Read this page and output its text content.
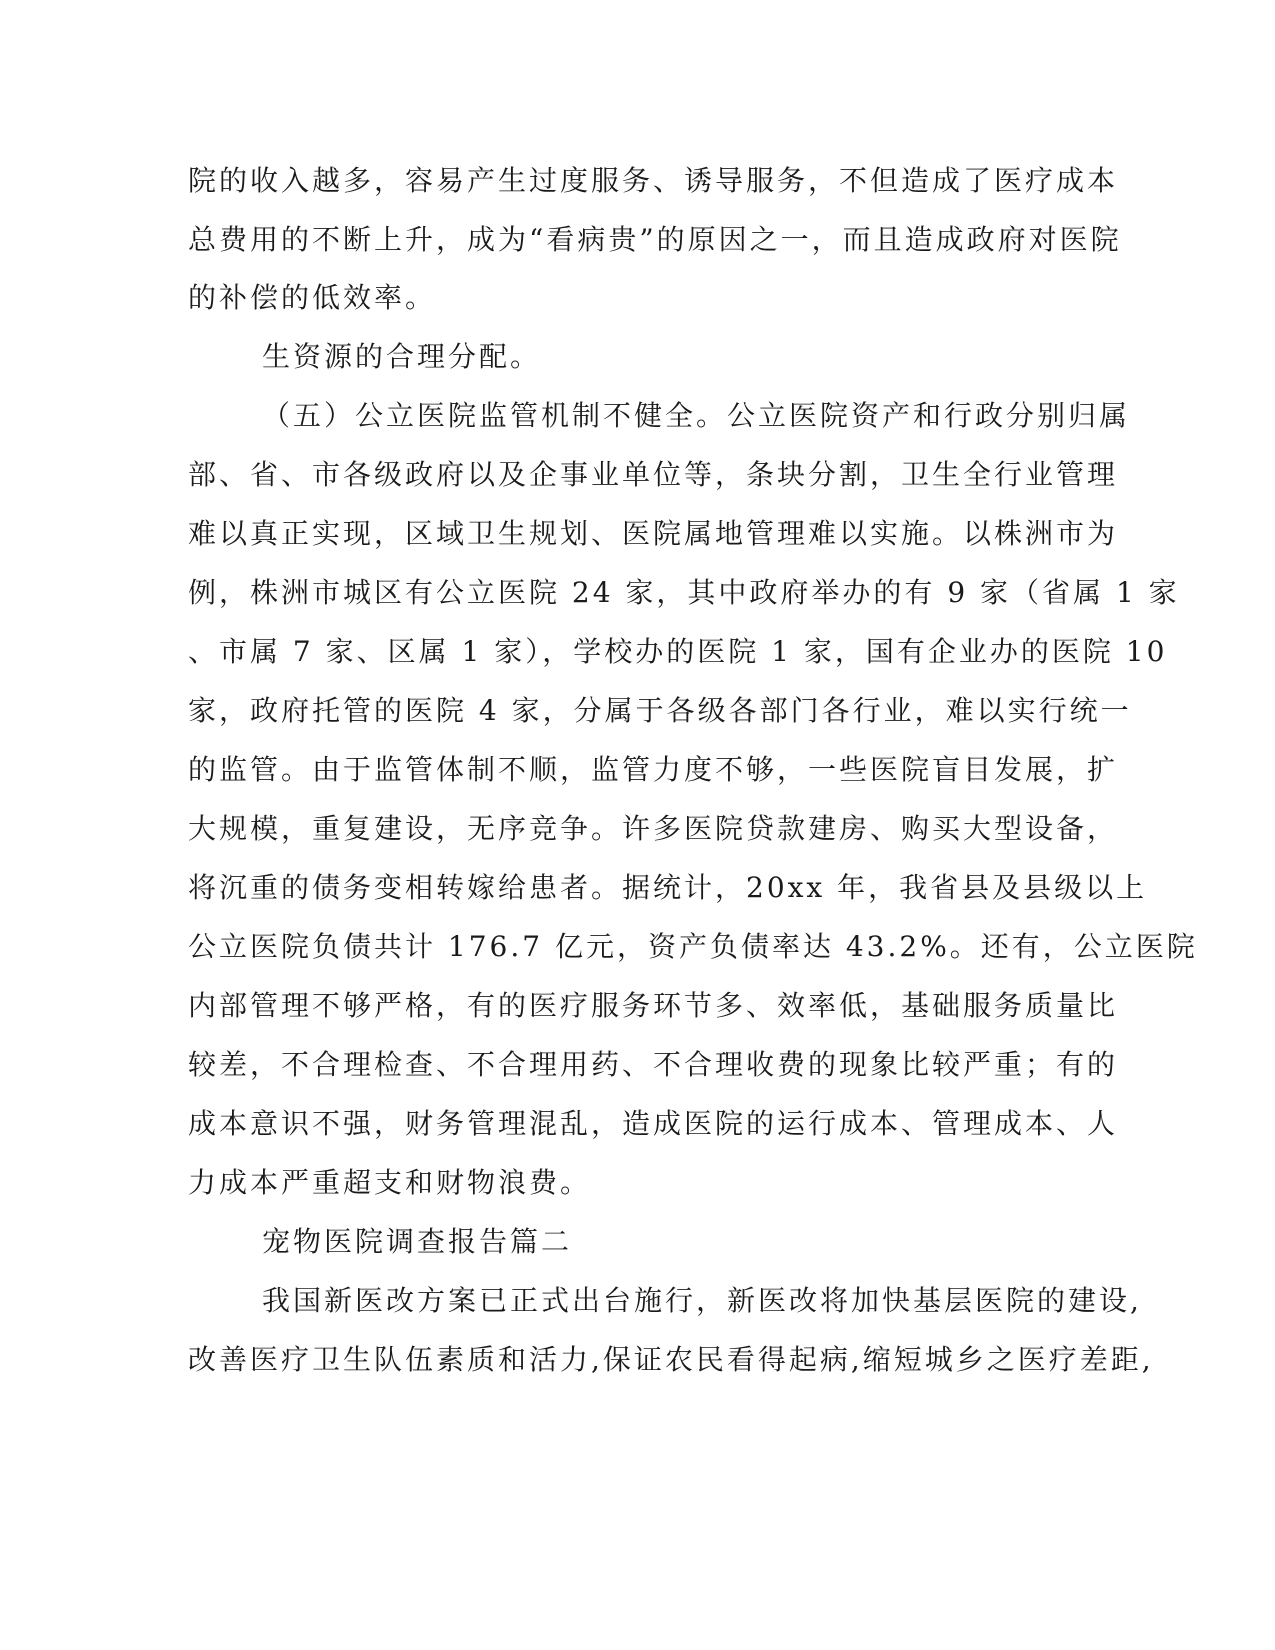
院的收入越多，容易产生过度服务、诱导服务，不但造成了医疗成本
总费用的不断上升，成为“看病贵”的原因之一，而且造成政府对医院
的补偿的低效率。
生资源的合理分配。
（五）公立医院监管机制不健全。公立医院资产和行政分别归属
部、省、市各级政府以及企事业单位等，条块分割，卫生全行业管理
难以真正实现，区域卫生规划、医院属地管理难以实施。以株洲市为
例，株洲市城区有公立医院 24 家，其中政府举办的有 9 家（省属 1 家
、市属 7 家、区属 1 家），学校办的医院 1 家，国有企业办的医院 10
家，政府托管的医院 4 家，分属于各级各部门各行业，难以实行统一
的监管。由于监管体制不顺，监管力度不够，一些医院盲目发展，扩
大规模，重复建设，无序竞争。许多医院贷款建房、购买大型设备，
将沉重的债务变相转嫁给患者。据统计，20xx 年，我省县及县级以上
公立医院负债共计 176.7 亿元，资产负债率达 43.2%。还有，公立医院
内部管理不够严格，有的医疗服务环节多、效率低，基础服务质量比
较差，不合理检查、不合理用药、不合理收费的现象比较严重；有的
成本意识不强，财务管理混乱，造成医院的运行成本、管理成本、人
力成本严重超支和财物浪费。
宠物医院调查报告篇二
我国新医改方案已正式出台施行，新医改将加快基层医院的建设,
改善医疗卫生队伍素质和活力,保证农民看得起病,缩短城乡之医疗差距,
